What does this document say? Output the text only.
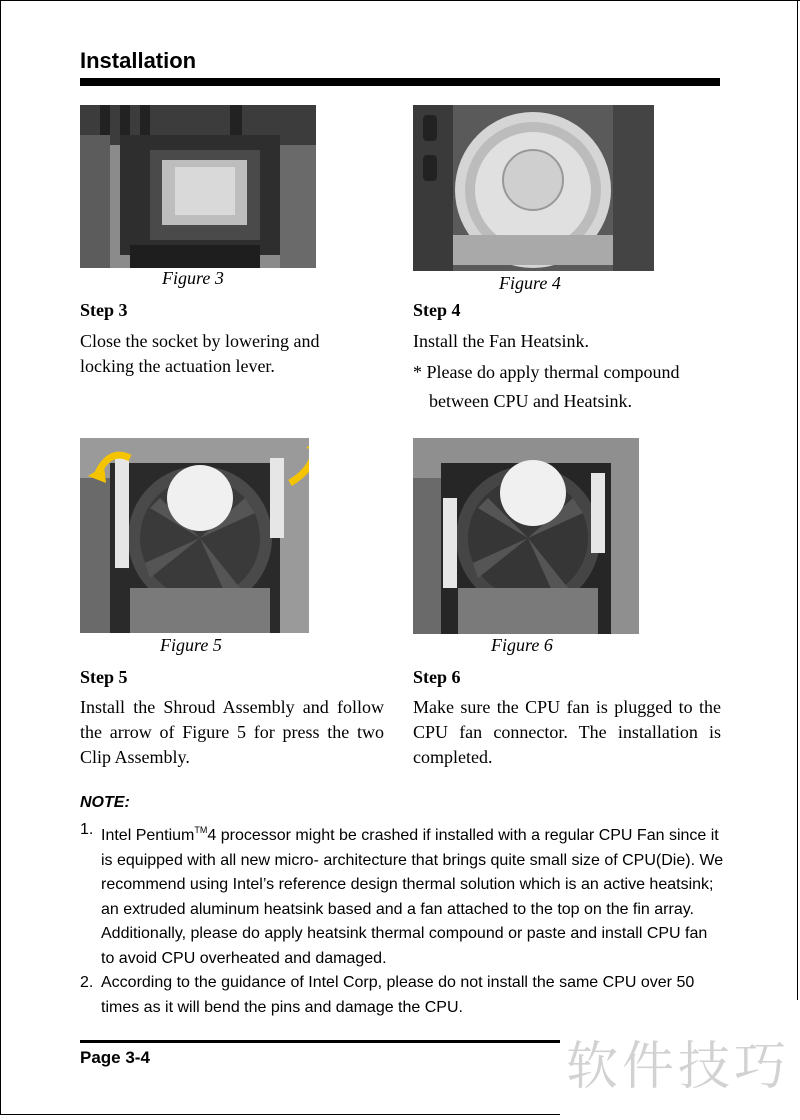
Installation
Figure 3	Figure 4
Step 3

Close the socket by lowering and

locking the actuation lever.

Step 4

Install the Fan Heatsink.

* Please do apply thermal compound

between CPU and Heatsink.

Figure 5	Figure 6
Step 5
Install the Shroud Assembly and follow the arrow of Figure 5 for press the two Clip Assembly.
Step 6
Make sure the CPU fan is plugged to the CPU fan connector. The installation is completed.
NOTE:
1. Intel Pentium™4 processor might be crashed if installed with a regular CPU Fan since it is equipped with all new micro- architecture that brings quite small size of CPU(Die). We recommend using Intel’s reference design thermal solution which is an active heatsink; an extruded aluminum heatsink based and a fan attached to the top on the fin array.

Additionally, please do apply heatsink thermal compound or paste and install CPU fan to avoid CPU overheated and damaged.

2. According to the guidance of Intel Corp, please do not install the same CPU over 50 times as it will bend the pins and damage the CPU.

Page 3-4	软件技巧
